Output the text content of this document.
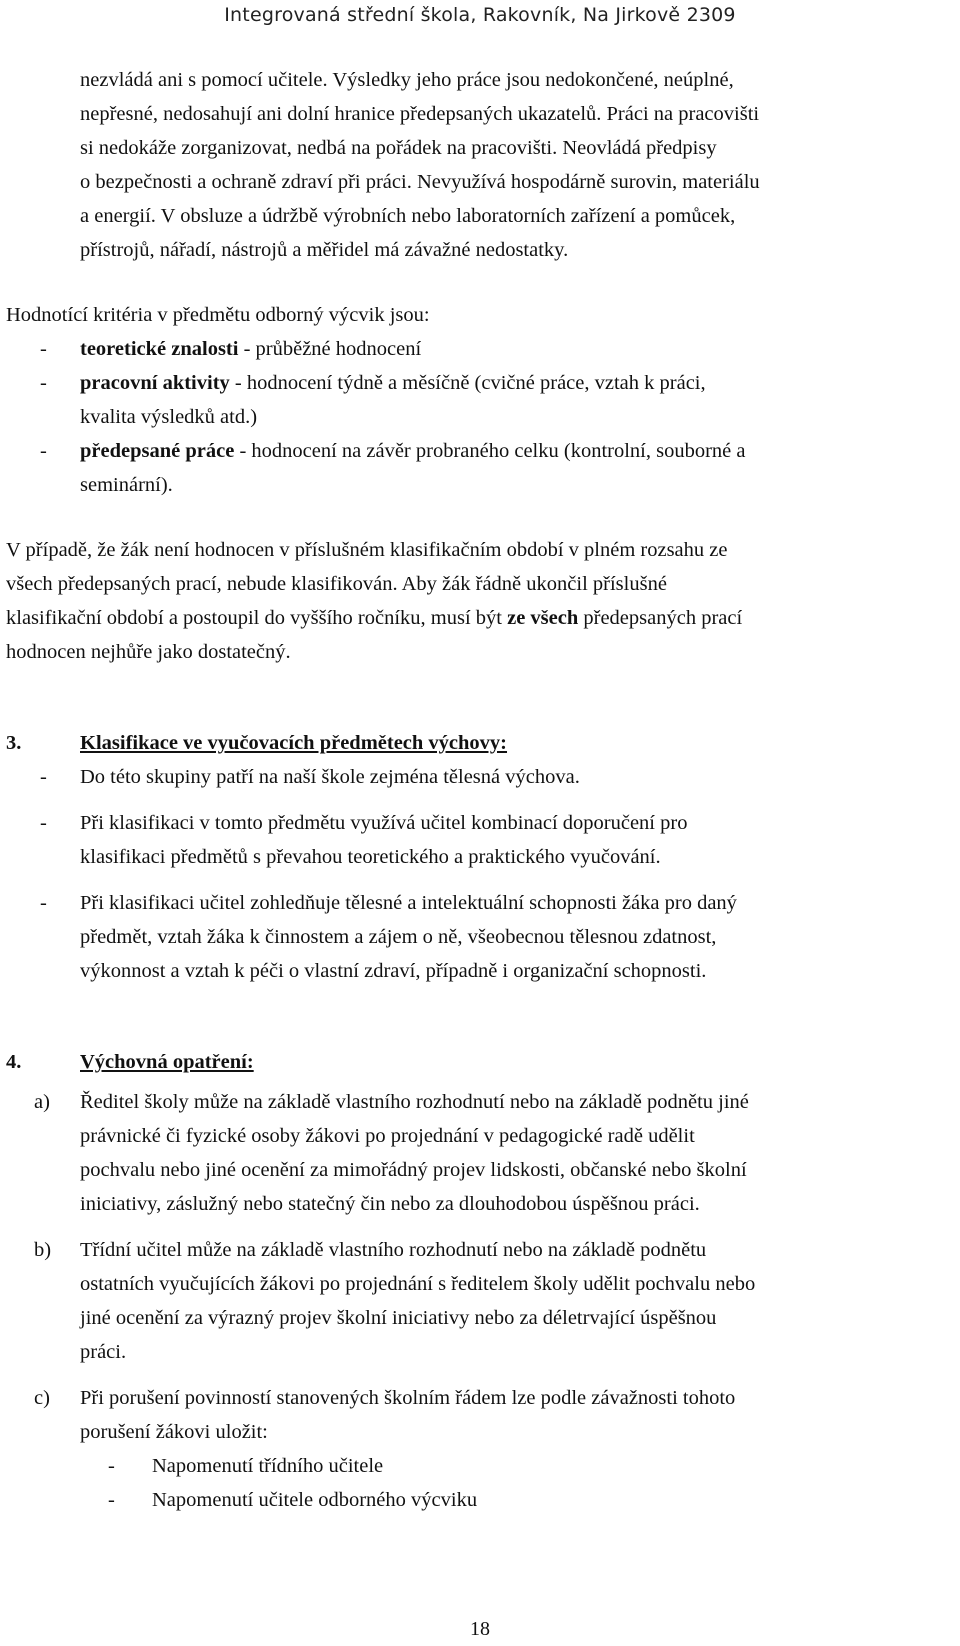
Integrovaná střední škola, Rakovník, Na Jirkově 2309
nezvládá ani s pomocí učitele. Výsledky jeho práce jsou nedokončené, neúplné,
nepřesné, nedosahují ani dolní hranice předepsaných ukazatelů. Práci na pracovišti
si nedokáže zorganizovat, nedbá na pořádek na pracovišti. Neovládá předpisy
o bezpečnosti a ochraně zdraví při práci. Nevyužívá hospodárně surovin, materiálu
a energií. V obsluze a údržbě výrobních nebo laboratorních zařízení a pomůcek,
přístrojů, nářadí, nástrojů a měřidel má závažné nedostatky.
Hodnotící kritéria v předmětu odborný výcvik jsou:
- teoretické znalosti - průběžné hodnocení
- pracovní aktivity - hodnocení týdně a měsíčně (cvičné práce, vztah k práci,
kvalita výsledků atd.)
- předepsané práce - hodnocení na závěr probraného celku (kontrolní, souborné a
seminární).
V případě, že žák není hodnocen v příslušném klasifikačním období v plném rozsahu ze
všech předepsaných prací, nebude klasifikován. Aby žák řádně ukončil příslušné
klasifikační období a postoupil do vyššího ročníku, musí být ze všech předepsaných prací
hodnocen nejhůře jako dostatečný.
3.	Klasifikace ve vyučovacích předmětech výchovy:
- Do této skupiny patří na naší škole zejména tělesná výchova.
- Při klasifikaci v tomto předmětu využívá učitel kombinací doporučení pro
klasifikaci předmětů s převahou teoretického a praktického vyučování.
- Při klasifikaci učitel zohledňuje tělesné a intelektuální schopnosti žáka pro daný
předmět, vztah žáka k činnostem a zájem o ně, všeobecnou tělesnou zdatnost,
výkonnost a vztah k péči o vlastní zdraví, případně i organizační schopnosti.
4.	Výchovná opatření:
a) Ředitel školy může na základě vlastního rozhodnutí nebo na základě podnětu jiné
právnické či fyzické osoby žákovi po projednání v pedagogické radě udělit
pochvalu nebo jiné ocenění za mimořádný projev lidskosti, občanské nebo školní
iniciativy, záslužný nebo statečný čin nebo za dlouhodobou úspěšnou práci.
b) Třídní učitel může na základě vlastního rozhodnutí nebo na základě podnětu
ostatních vyučujících žákovi po projednání s ředitelem školy udělit pochvalu nebo
jiné ocenění za výrazný projev školní iniciativy nebo za déletrvající úspěšnou
práci.
c) Při porušení povinností stanovených školním řádem lze podle závažnosti tohoto
porušení žákovi uložit:
- Napomenutí třídního učitele
- Napomenutí učitele odborného výcviku
18
